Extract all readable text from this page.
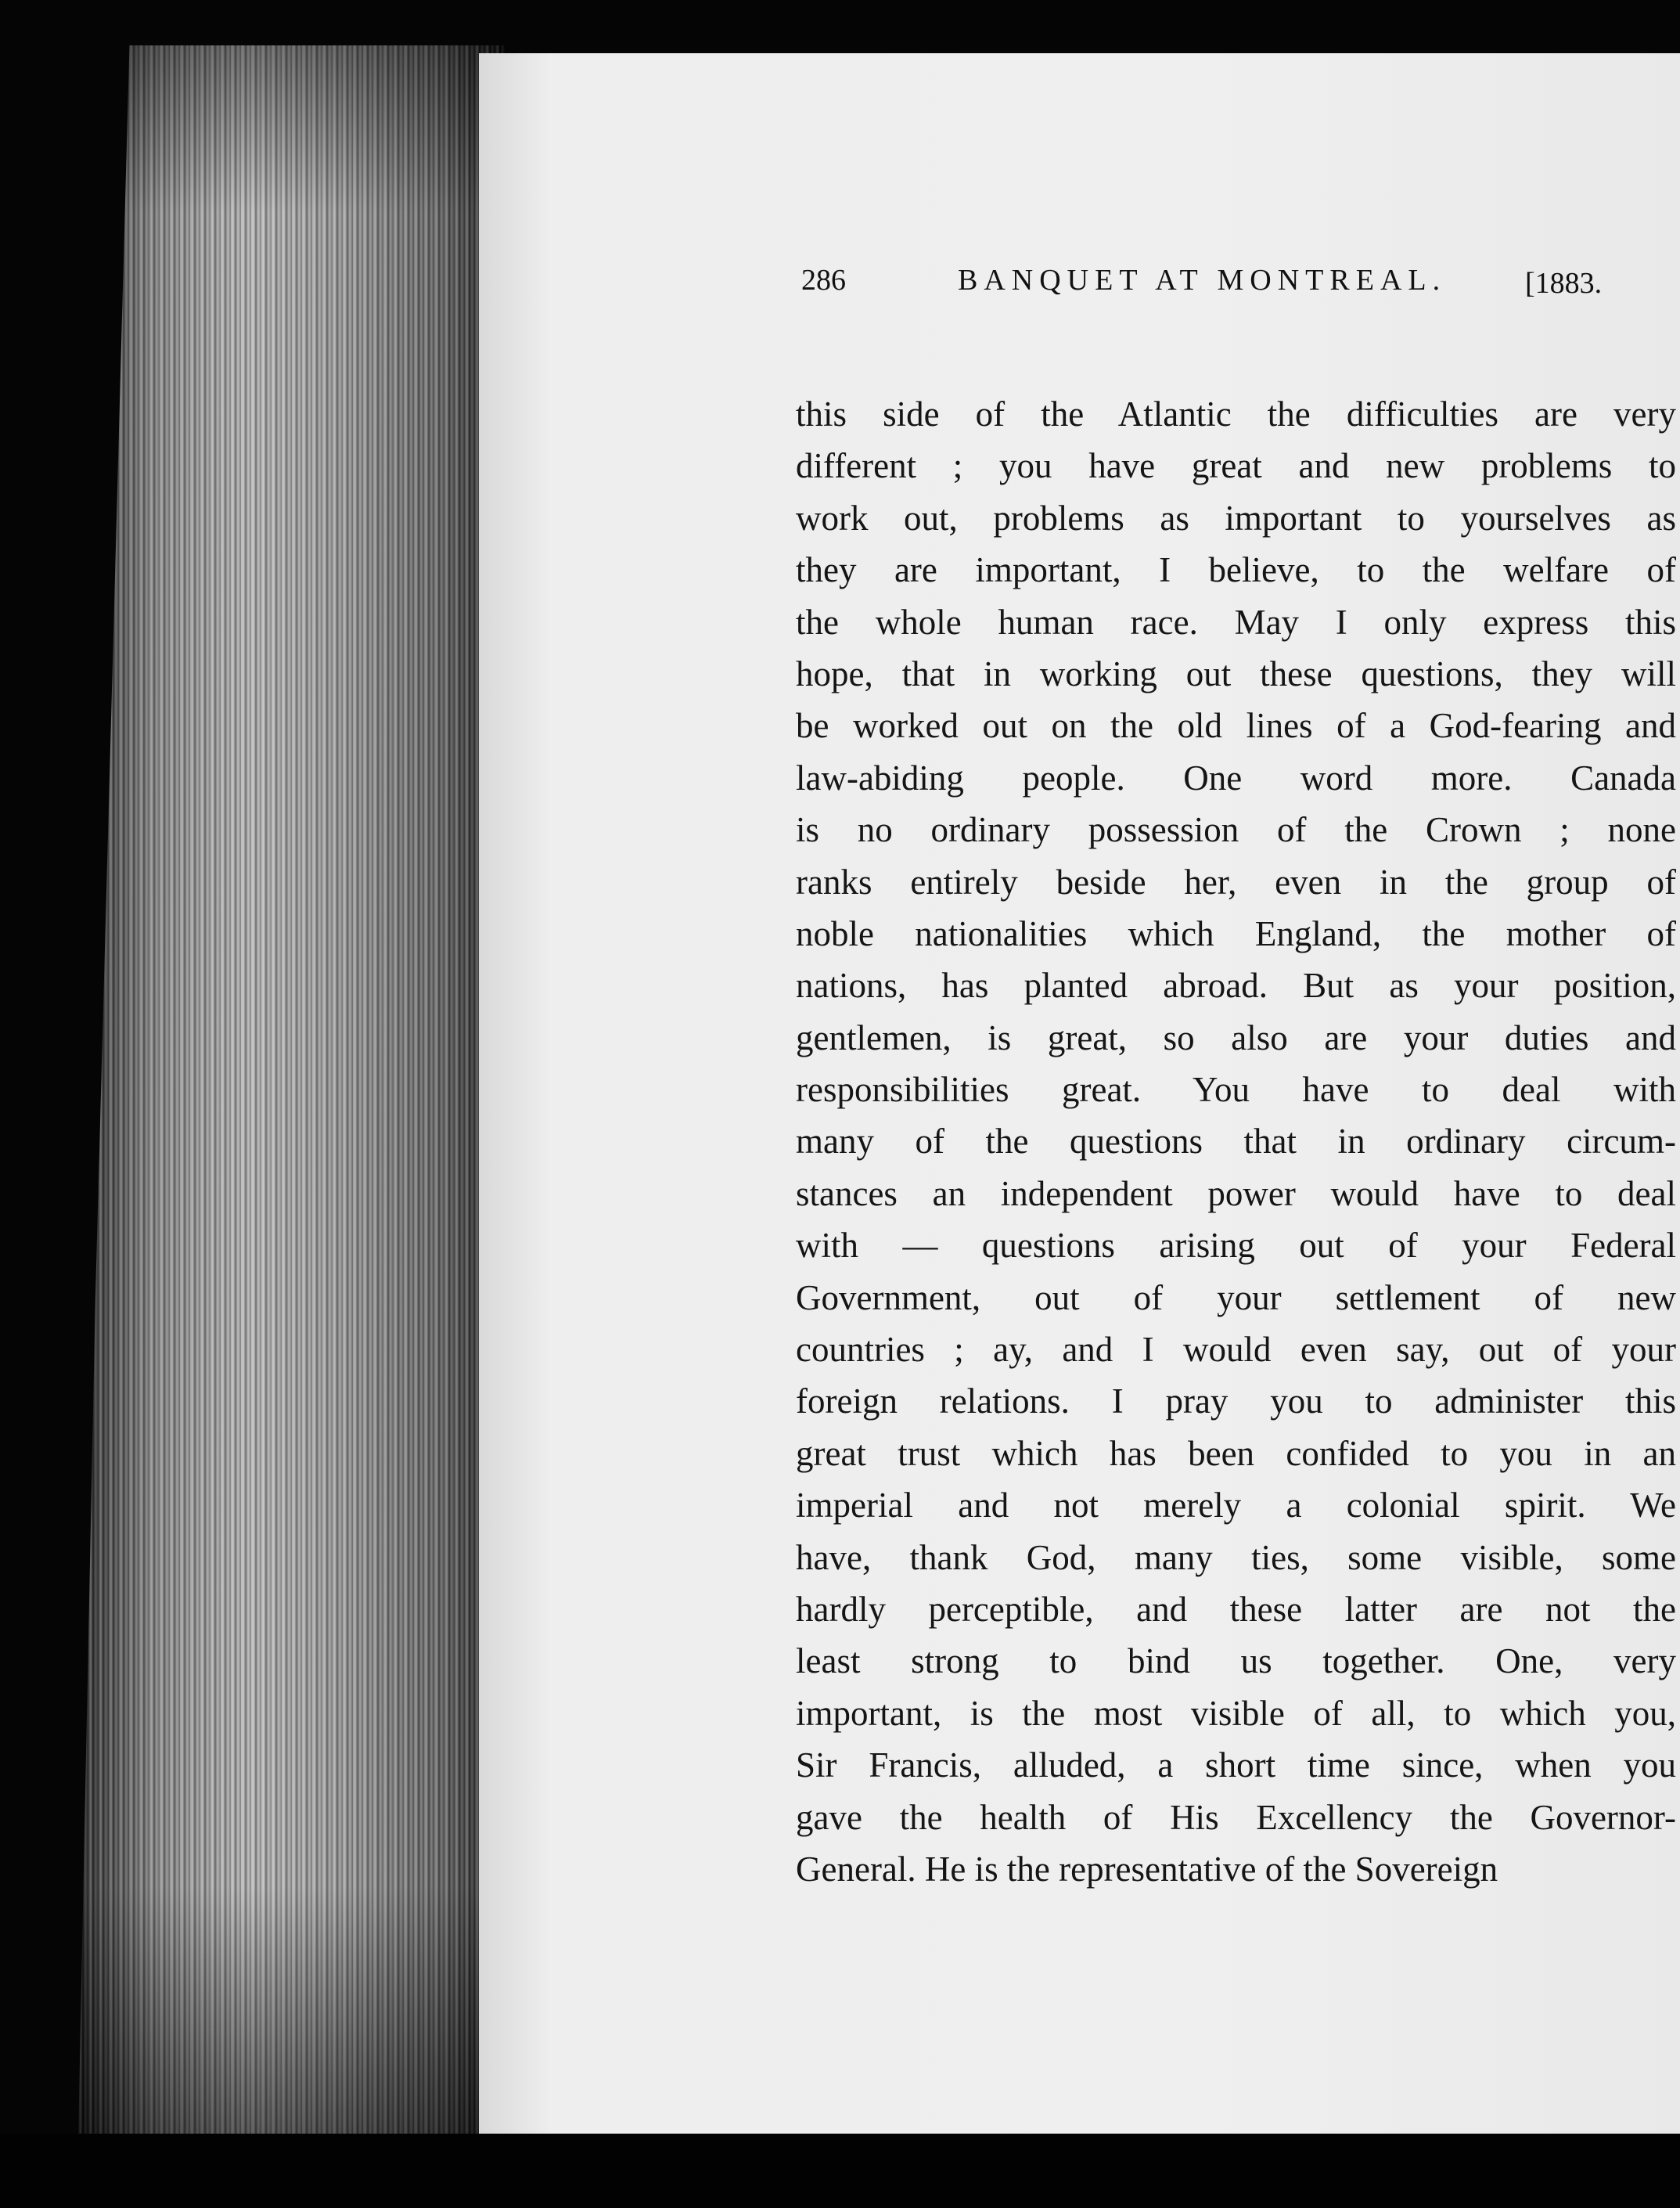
286	BANQUET AT MONTREAL.	[1883.
this side of the Atlantic the difficulties are very
different ; you have great and new problems to
work out, problems as important to yourselves as
they are important, I believe, to the welfare of
the whole human race. May I only express this
hope, that in working out these questions, they will
be worked out on the old lines of a God-fearing and
law-abiding people. One word more. Canada
is no ordinary possession of the Crown ; none
ranks entirely beside her, even in the group of
noble nationalities which England, the mother of
nations, has planted abroad. But as your position,
gentlemen, is great, so also are your duties and
responsibilities great. You have to deal with
many of the questions that in ordinary circum-
stances an independent power would have to deal
with — questions arising out of your Federal
Government, out of your settlement of new
countries ; ay, and I would even say, out of your
foreign relations. I pray you to administer this
great trust which has been confided to you in an
imperial and not merely a colonial spirit. We
have, thank God, many ties, some visible, some
hardly perceptible, and these latter are not the
least strong to bind us together. One, very
important, is the most visible of all, to which you,
Sir Francis, alluded, a short time since, when you
gave the health of His Excellency the Governor-
General. He is the representative of the Sovereign
